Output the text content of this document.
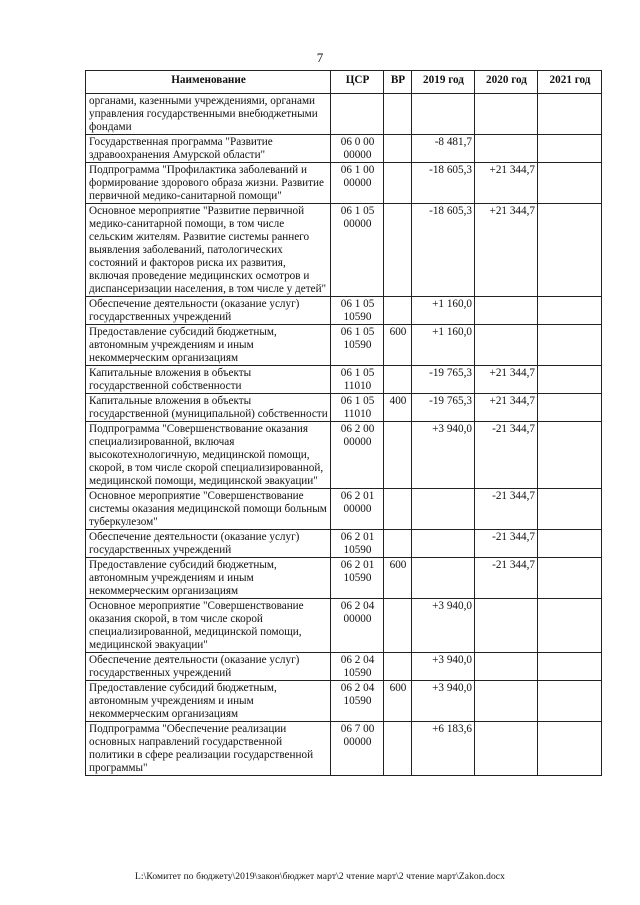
7
Наименование	ЦСР	ВР	2019 год	2020 год	2021 год
органами, казенными учреждениями, органами управления государственными внебюджетными фондами					
Государственная программа "Развитие здравоохранения Амурской области"	06 0 00 00000		-8 481,7		
Подпрограмма "Профилактика заболеваний и формирование здорового образа жизни. Развитие первичной медико-санитарной помощи"	06 1 00 00000		-18 605,3	+21 344,7	
Основное мероприятие "Развитие первичной медико-санитарной помощи, в том числе сельским жителям. Развитие системы раннего выявления заболеваний, патологических состояний и факторов риска их развития, включая проведение медицинских осмотров и диспансеризации населения, в том числе у детей"	06 1 05 00000		-18 605,3	+21 344,7	
Обеспечение деятельности (оказание услуг) государственных учреждений	06 1 05 10590		+1 160,0		
Предоставление субсидий бюджетным, автономным учреждениям и иным некоммерческим организациям	06 1 05 10590	600	+1 160,0		
Капитальные вложения в объекты государственной собственности	06 1 05 11010		-19 765,3	+21 344,7	
Капитальные вложения в объекты государственной (муниципальной) собственности	06 1 05 11010	400	-19 765,3	+21 344,7	
Подпрограмма "Совершенствование оказания специализированной, включая высокотехнологичную, медицинской помощи, скорой, в том числе скорой специализированной, медицинской помощи, медицинской эвакуации"	06 2 00 00000		+3 940,0	-21 344,7	
Основное мероприятие "Совершенствование системы оказания медицинской помощи больным туберкулезом"	06 2 01 00000			-21 344,7	
Обеспечение деятельности (оказание услуг) государственных учреждений	06 2 01 10590			-21 344,7	
Предоставление субсидий бюджетным, автономным учреждениям и иным некоммерческим организациям	06 2 01 10590	600		-21 344,7	
Основное мероприятие "Совершенствование оказания скорой, в том числе скорой специализированной, медицинской помощи, медицинской эвакуации"	06 2 04 00000		+3 940,0		
Обеспечение деятельности (оказание услуг) государственных учреждений	06 2 04 10590		+3 940,0		
Предоставление субсидий бюджетным, автономным учреждениям и иным некоммерческим организациям	06 2 04 10590	600	+3 940,0		
Подпрограмма "Обеспечение реализации основных направлений государственной политики в сфере реализации государственной программы"	06 7 00 00000		+6 183,6		
L:\Комитет по бюджету\2019\закон\бюджет март\2 чтение март\2 чтение март\Zakon.docx
